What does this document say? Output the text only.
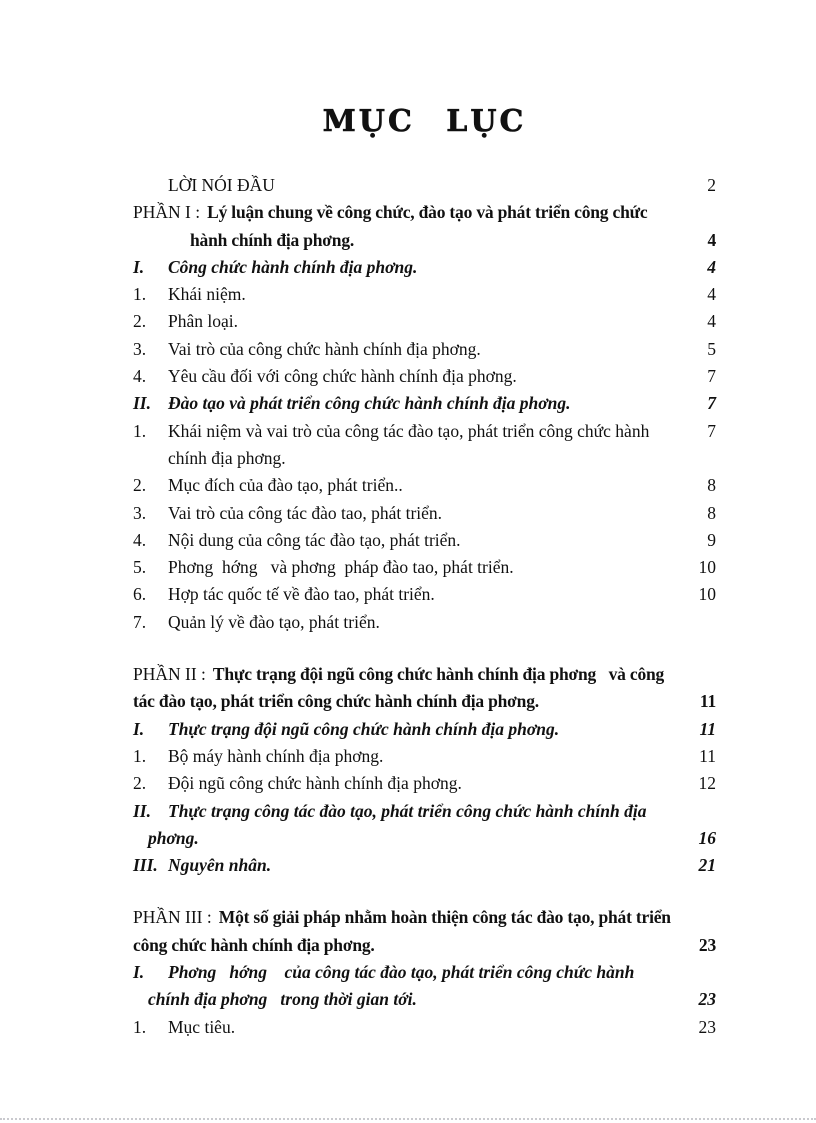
MỤC LỤC
LỜI NÓI ĐẦU	2
PHẦN I : Lý luận chung về công chức, đào tạo và phát triển công chức
hành chính địa phơng.	4
I.	Công chức hành chính địa phơng.	4
1.	Khái niệm.	4
2.	Phân loại.	4
3.	Vai trò của công chức hành chính địa phơng.	5
4.	Yêu cầu đối với công chức hành chính địa phơng.	7
II. Đào tạo và phát triển công chức hành chính địa phơng.	7
1.	Khái niệm và vai trò của công tác đào tạo, phát triển công chức hành	7
chính địa phơng.
2.	Mục đích của đào tạo, phát triển..	8
3.	Vai trò của công tác đào tao, phát triển.	8
4.	Nội dung của công tác đào tạo, phát triển.	9
5.	Phơng  hớng   và phơng  pháp đào tao, phát triển.	10
6.	Hợp tác quốc tế về đào tao, phát triển.	10
7.	Quản lý về đào tạo, phát triển.
PHẦN II : Thực trạng đội ngũ công chức hành chính địa phơng   và công
tác đào tạo, phát triển công chức hành chính địa phơng.	11
I.	Thực trạng đội ngũ công chức hành chính địa phơng.	11
1.	Bộ máy hành chính địa phơng.	11
2.	Đội ngũ công chức hành chính địa phơng.	12
II. Thực trạng công tác đào tạo, phát triển công chức hành chính địa
phơng.	16
III. Nguyên nhân.	21
PHẦN III : Một số giải pháp nhằm hoàn thiện công tác đào tạo, phát triển
công chức hành chính địa phơng.	23
I.	Phơng   hớng    của công tác đào tạo, phát triển công chức hành
chính địa phơng   trong thời gian tới.	23
1.	Mục tiêu.	23
